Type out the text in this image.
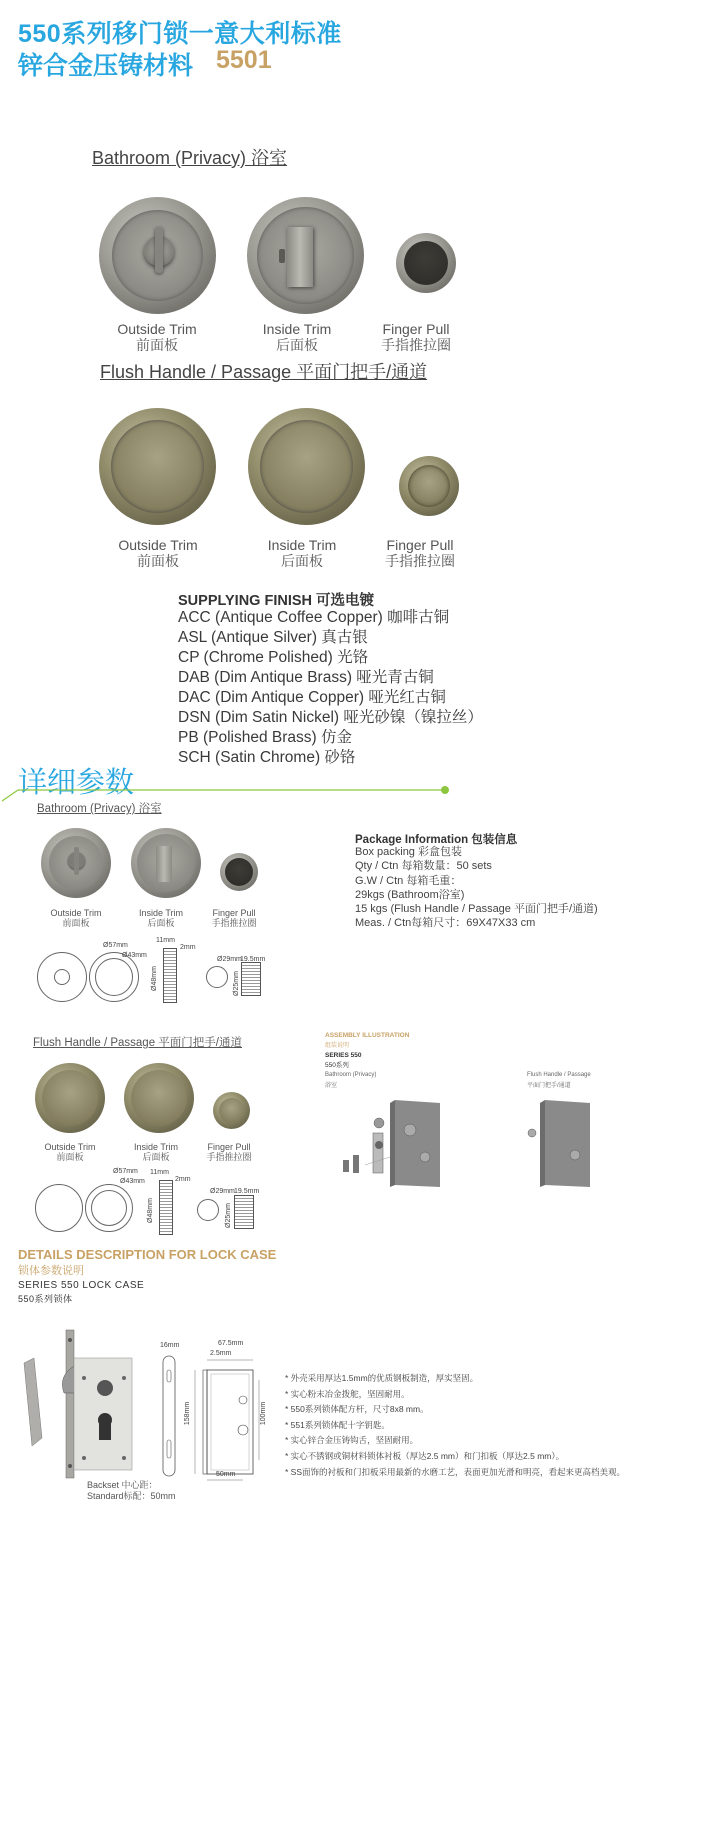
550系列移门锁一意大利标准
锌合金压铸材料 5501
Bathroom (Privacy) 浴室
Outside Trim
前面板
Inside Trim
后面板
Finger Pull
手指推拉圈
Flush Handle / Passage 平面门把手/通道
Outside Trim
前面板
Inside Trim
后面板
Finger Pull
手指推拉圈
SUPPLYING FINISH 可选电镀
ACC (Antique Coffee Copper) 咖啡古铜
ASL (Antique Silver) 真古银
CP (Chrome Polished) 光铬
DAB (Dim Antique Brass) 哑光青古铜
DAC (Dim Antique Copper) 哑光红古铜
DSN (Dim Satin Nickel) 哑光砂镍（镍拉丝）
PB (Polished Brass) 仿金
SCH (Satin Chrome) 砂铬
详细参数
Bathroom (Privacy) 浴室
Outside Trim
前面板
Inside Trim
后面板
Finger Pull
手指推拉圈
Ø57mm
Ø43mm
11mm
2mm
Ø48mm
Ø29mm
19.5mm
Ø25mm
Package Information 包装信息
Box packing 彩盒包装
Qty / Ctn 每箱数量：50 sets
G.W / Ctn 每箱毛重：
29kgs (Bathroom浴室)
15 kgs (Flush Handle / Passage 平面门把手/通道)
Meas. / Ctn每箱尺寸：69X47X33 cm
Flush Handle / Passage 平面门把手/通道
Outside Trim
前面板
Inside Trim
后面板
Finger Pull
手指推拉圈
Ø57mm
Ø43mm
11mm
2mm
Ø48mm
Ø29mm 19.5mm
Ø25mm
ASSEMBLY ILLUSTRATION
组装说明
SERIES 550
550系列
Bathroom (Privacy)
浴室
Flush Handle / Passage
平面门把手/通道
DETAILS DESCRIPTION FOR LOCK CASE
锁体参数说明
SERIES 550 LOCK CASE
550系列锁体
Backset 中心距：
Standard标配：50mm
16mm	67.5mm
2.5mm
158mm	100mm
50mm
* 外壳采用厚达1.5mm的优质钢板制造，厚实坚固。
* 实心粉末冶金拨舵，坚固耐用。
* 550系列锁体配方杆，尺寸8x8 mm。
* 551系列锁体配十字钥匙。
* 实心锌合金压铸钩舌，坚固耐用。
* 实心不锈钢或铜材料锁体衬板（厚达2.5 mm）和门扣板（厚达2.5 mm）。
* SS面饰的衬板和门扣板采用最新的水磨工艺，表面更加光滑和明亮，看起来更高档美观。
